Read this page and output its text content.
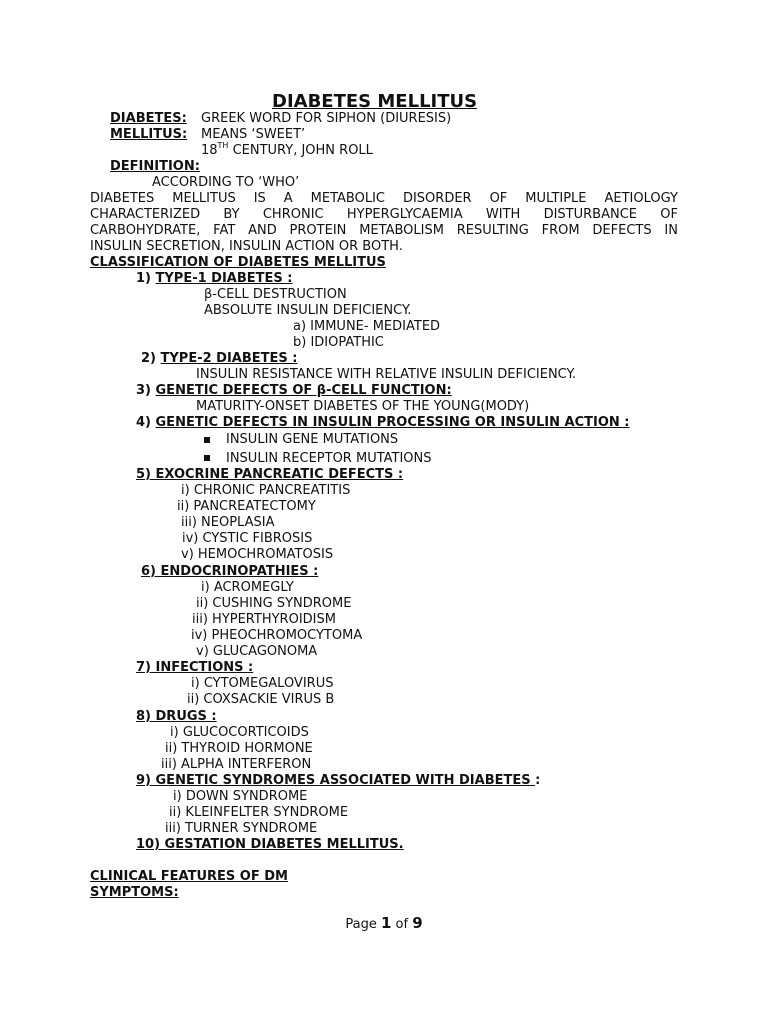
DIABETES MELLITUS
DIABETES: GREEK WORD FOR SIPHON (DIURESIS)
MELLITUS: MEANS ‘SWEET’
18TH CENTURY, JOHN ROLL
DEFINITION:
ACCORDING TO ‘WHO’
DIABETES MELLITUS IS A METABOLIC DISORDER OF MULTIPLE AETIOLOGY
CHARACTERIZED BY CHRONIC HYPERGLYCAEMIA WITH DISTURBANCE OF
CARBOHYDRATE, FAT AND PROTEIN METABOLISM RESULTING FROM DEFECTS IN
INSULIN SECRETION, INSULIN ACTION OR BOTH.
CLASSIFICATION OF DIABETES MELLITUS
1) TYPE-1 DIABETES :
β-CELL DESTRUCTION
ABSOLUTE INSULIN DEFICIENCY.
a) IMMUNE- MEDIATED
b) IDIOPATHIC
2) TYPE-2 DIABETES :
INSULIN RESISTANCE WITH RELATIVE INSULIN DEFICIENCY.
3) GENETIC DEFECTS OF β-CELL FUNCTION:
MATURITY-ONSET DIABETES OF THE YOUNG(MODY)
4) GENETIC DEFECTS IN INSULIN PROCESSING OR INSULIN ACTION :
INSULIN GENE MUTATIONS
INSULIN RECEPTOR MUTATIONS
5) EXOCRINE PANCREATIC DEFECTS :
i) CHRONIC PANCREATITIS
ii) PANCREATECTOMY
iii) NEOPLASIA
iv) CYSTIC FIBROSIS
v) HEMOCHROMATOSIS
6) ENDOCRINOPATHIES :
i) ACROMEGLY
ii) CUSHING SYNDROME
iii) HYPERTHYROIDISM
iv) PHEOCHROMOCYTOMA
v) GLUCAGONOMA
7) INFECTIONS :
i) CYTOMEGALOVIRUS
ii) COXSACKIE VIRUS B
8) DRUGS :
i) GLUCOCORTICOIDS
ii) THYROID HORMONE
iii) ALPHA INTERFERON
9) GENETIC SYNDROMES ASSOCIATED WITH DIABETES :
i) DOWN SYNDROME
ii) KLEINFELTER SYNDROME
iii) TURNER SYNDROME
10) GESTATION DIABETES MELLITUS.
CLINICAL FEATURES OF DM
SYMPTOMS:
Page 1 of 9
